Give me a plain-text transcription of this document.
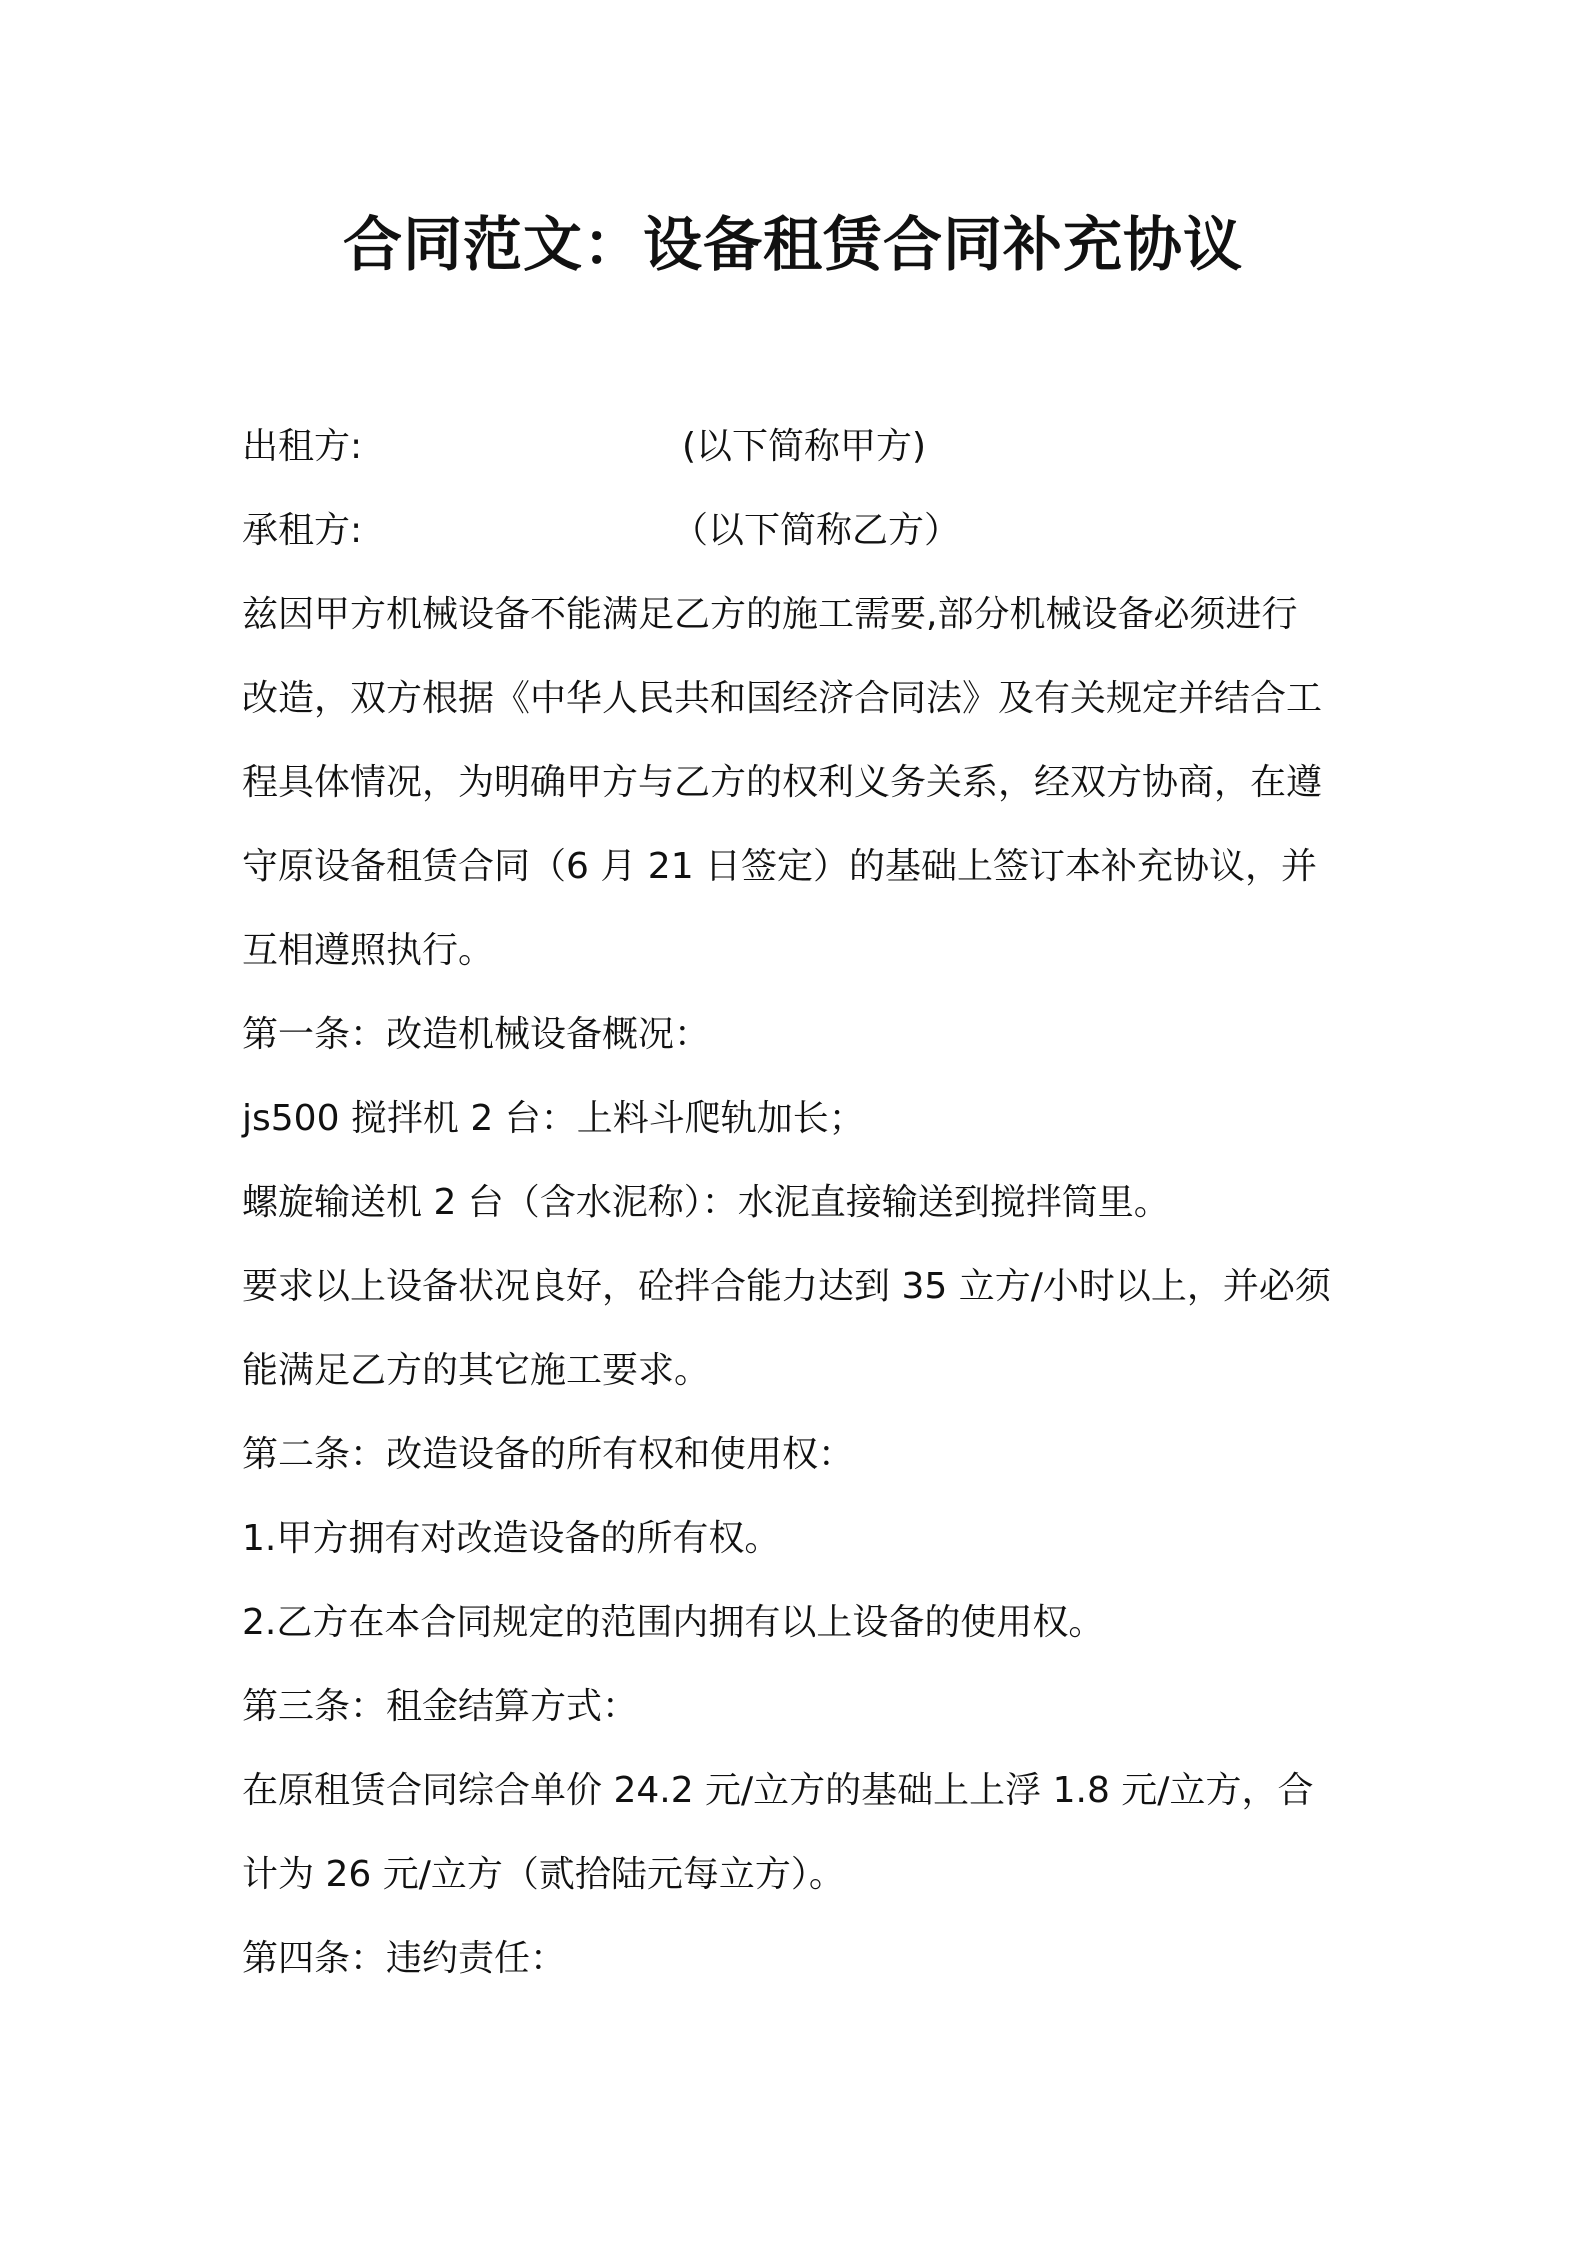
合同范文：设备租赁合同补充协议
出租方:	(以下简称甲方)
承租方:	（以下简称乙方）
兹因甲方机械设备不能满足乙方的施工需要,部分机械设备必须进行
改造，双方根据《中华人民共和国经济合同法》及有关规定并结合工
程具体情况，为明确甲方与乙方的权利义务关系，经双方协商，在遵
守原设备租赁合同（6 月 21 日签定）的基础上签订本补充协议，并
互相遵照执行。
第一条：改造机械设备概况：
js500 搅拌机 2 台：上料斗爬轨加长；
螺旋输送机 2 台（含水泥称）：水泥直接输送到搅拌筒里。
要求以上设备状况良好，砼拌合能力达到 35 立方/小时以上，并必须
能满足乙方的其它施工要求。
第二条：改造设备的所有权和使用权：
1.甲方拥有对改造设备的所有权。
2.乙方在本合同规定的范围内拥有以上设备的使用权。
第三条：租金结算方式：
在原租赁合同综合单价 24.2 元/立方的基础上上浮 1.8 元/立方，合
计为 26 元/立方（贰拾陆元每立方）。
第四条：违约责任：
